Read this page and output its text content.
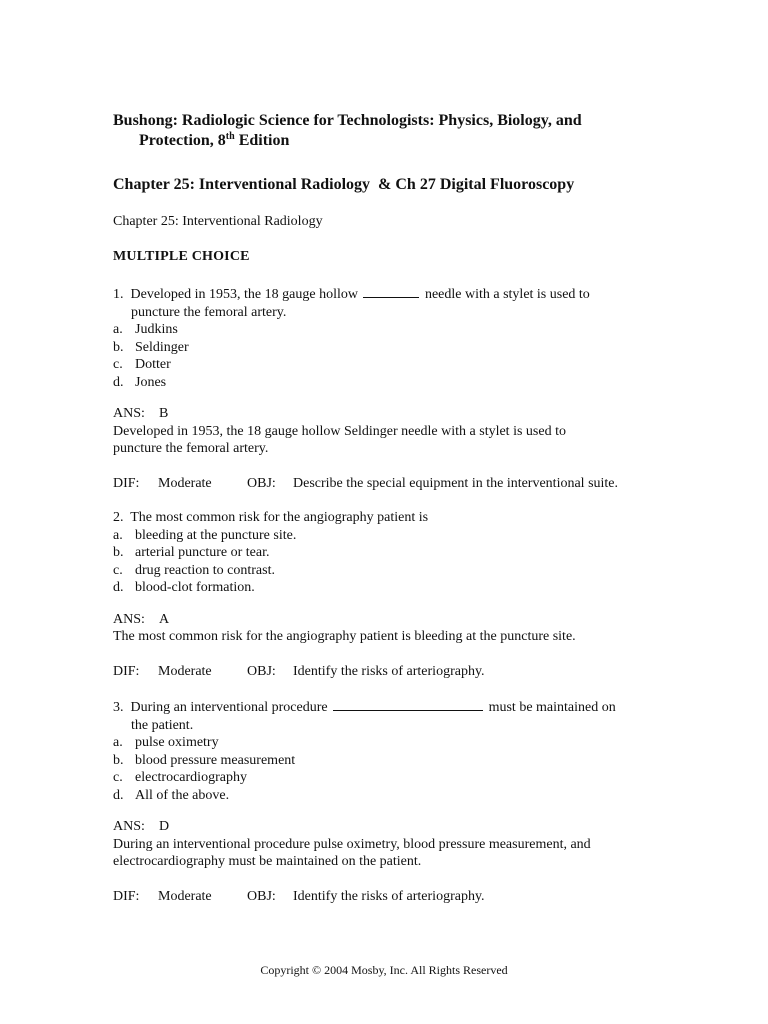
Bushong: Radiologic Science for Technologists: Physics, Biology, and
Protection, 8th Edition
Chapter 25: Interventional Radiology  & Ch 27 Digital Fluoroscopy

Chapter 25: Interventional Radiology

MULTIPLE CHOICE

1. Developed in 1953, the 18 gauge hollow	needle with a stylet is used to
puncture the femoral artery.

a. Judkins
b. Seldinger
c. Dotter
d. Jones

ANS: B

Developed in 1953, the 18 gauge hollow Seldinger needle with a stylet is used to
puncture the femoral artery.

DIF: Moderate	OBJ: Describe the special equipment in the interventional suite.

2. The most common risk for the angiography patient is

a. bleeding at the puncture site.
b. arterial puncture or tear.
c. drug reaction to contrast.
d. blood-clot formation.

ANS: A

The most common risk for the angiography patient is bleeding at the puncture site.

DIF: Moderate	OBJ: Identify the risks of arteriography.

3. During an interventional procedure	must be maintained on
the patient.

a. pulse oximetry
b. blood pressure measurement
c. electrocardiography
d. All of the above.

ANS: D

During an interventional procedure pulse oximetry, blood pressure measurement, and
electrocardiography must be maintained on the patient.

DIF: Moderate	OBJ: Identify the risks of arteriography.

Copyright © 2004 Mosby, Inc. All Rights Reserved
